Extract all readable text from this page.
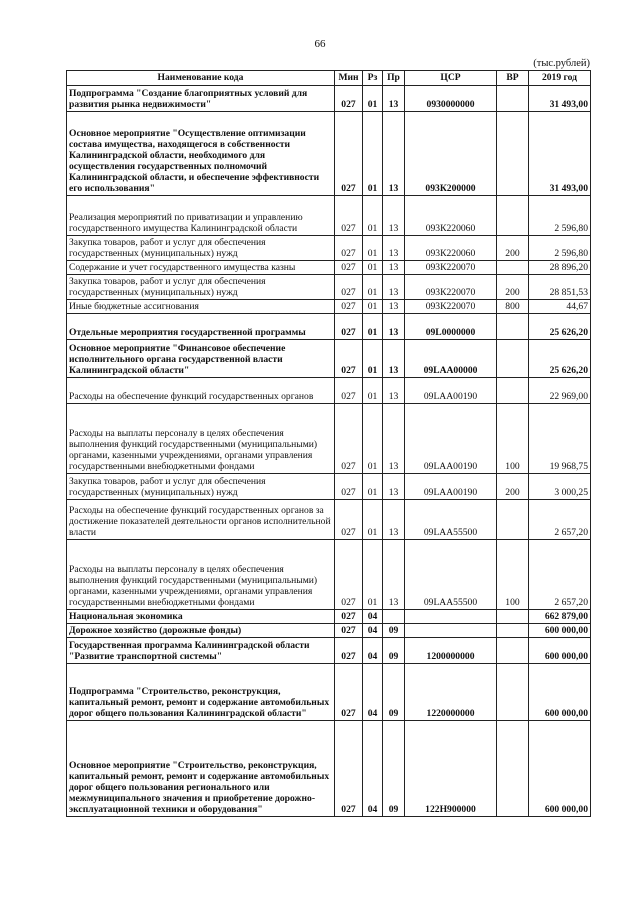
66
(тыс.рублей)
Наименование кода	Мин	Рз	Пр	ЦСР	ВР	2019 год
Подпрограмма "Создание благоприятных условий для развития рынка недвижимости"	027	01	13	0930000000		31 493,00
Основное мероприятие "Осуществление оптимизации состава имущества, находящегося в собственности Калининградской области, необходимого для осуществления государственных полномочий Калининградской области, и обеспечение эффективности его использования"	027	01	13	093К200000		31 493,00
Реализация мероприятий по приватизации и управлению государственного имущества Калининградской области	027	01	13	093К220060		2 596,80
Закупка товаров, работ и услуг для обеспечения государственных (муниципальных) нужд	027	01	13	093К220060	200	2 596,80
Содержание и учет государственного имущества казны	027	01	13	093К220070		28 896,20
Закупка товаров, работ и услуг для обеспечения государственных (муниципальных) нужд	027	01	13	093К220070	200	28 851,53
Иные бюджетные ассигнования	027	01	13	093К220070	800	44,67
Отдельные мероприятия государственной программы	027	01	13	09L0000000		25 626,20
Основное мероприятие "Финансовое обеспечение исполнительного органа государственной власти Калининградской области"	027	01	13	09LAA00000		25 626,20
Расходы на обеспечение функций государственных органов	027	01	13	09LAA00190		22 969,00
Расходы на выплаты персоналу в целях обеспечения выполнения функций государственными (муниципальными) органами, казенными учреждениями, органами управления государственными внебюджетными фондами	027	01	13	09LAA00190	100	19 968,75
Закупка товаров, работ и услуг для обеспечения государственных (муниципальных) нужд	027	01	13	09LAA00190	200	3 000,25
Расходы на обеспечение функций государственных органов за достижение показателей деятельности органов исполнительной власти	027	01	13	09LAA55500		2 657,20
Расходы на выплаты персоналу в целях обеспечения выполнения функций государственными (муниципальными) органами, казенными учреждениями, органами управления государственными внебюджетными фондами	027	01	13	09LAA55500	100	2 657,20
Национальная экономика	027	04				662 879,00
Дорожное хозяйство (дорожные фонды)	027	04	09			600 000,00
Государственная программа Калининградской области "Развитие транспортной системы"	027	04	09	1200000000		600 000,00
Подпрограмма "Строительство, реконструкция, капитальный ремонт, ремонт и содержание автомобильных дорог общего пользования Калининградской области"	027	04	09	1220000000		600 000,00
Основное мероприятие "Строительство, реконструкция, капитальный ремонт, ремонт и содержание автомобильных дорог общего пользования регионального или межмуниципального значения и приобретение дорожно-эксплуатационной техники и оборудования"	027	04	09	122Н900000		600 000,00
